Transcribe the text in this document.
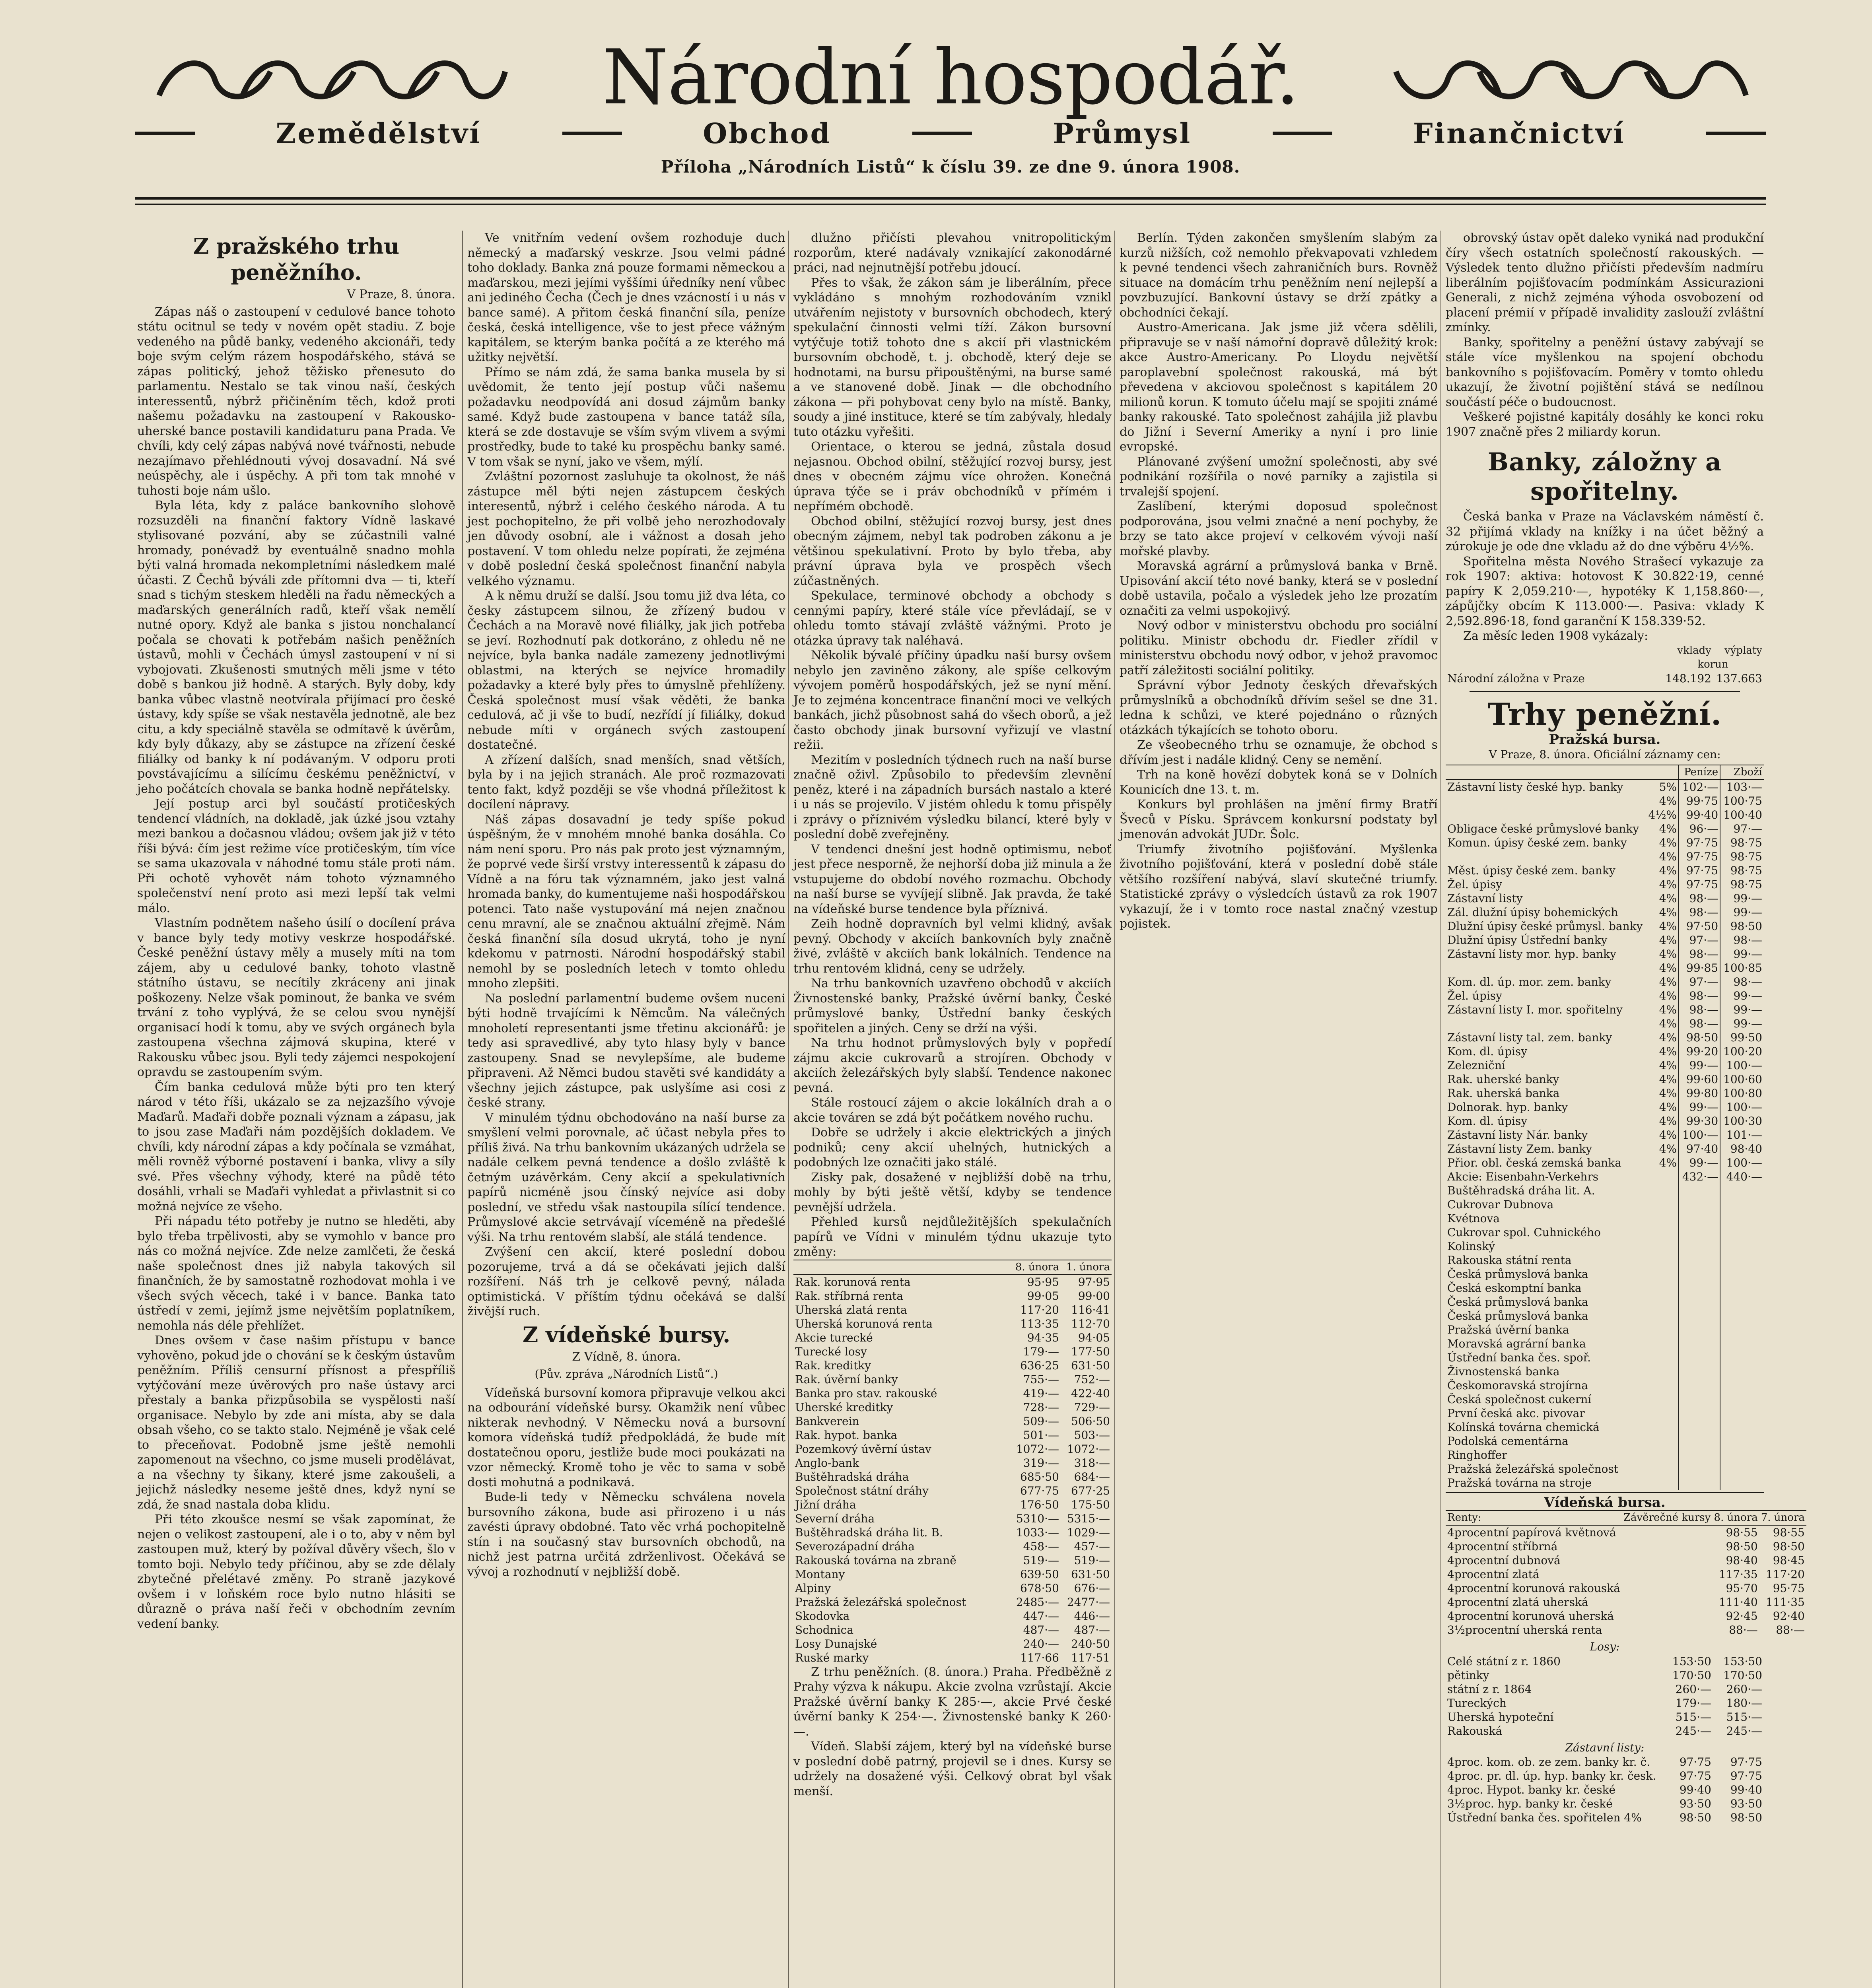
Národní hospodář.
Zemědělství	Obchod	Průmysl	Finančnictví
Příloha „Národních Listů“ k číslu 39. ze dne 9. února 1908.
Z pražského trhu peněžního.
V Praze, 8. února.

Zápas náš o zastoupení v cedulové bance tohoto státu ocitnul se tedy v novém opět stadiu. Z boje vedeného na půdě banky, vedeného akcionáři, tedy boje svým celým rázem hospodářského, stává se zápas politický, jehož těžisko přenesuto do parlamentu. Nestalo se tak vinou naší, českých interessentů, nýbrž přičiněním těch, kdož proti našemu požadavku na zastoupení v Rakousko-uherské bance postavili kandidaturu pana Prada. Ve chvíli, kdy celý zápas nabývá nové tvářnosti, nebude nezajímavo přehlédnouti vývoj dosavadní. Ná své neúspěchy, ale i úspěchy. A při tom tak mnohé v tuhosti boje nám ušlo.

Byla léta, kdy z paláce bankovního slohově rozsuzděli na finanční faktory Vídně laskavé stylisované pozvání, aby se zúčastnili valné hromady, ponévadž by eventuálně snadno mohla býti valná hromada nekompletními následkem malé účasti. Z Čechů býváli zde přítomni dva — ti, kteří snad s tichým steskem hleděli na řadu německých a maďarských generálních radů, kteří však nemělí nutné opory. Když ale banka s jistou nonchalancí počala se chovati k potřebám našich peněžních ústavů, mohli v Čechách úmysl zastoupení v ní si vybojovati. Zkušenosti smutných měli jsme v této době s bankou již hodně. A starých. Byly doby, kdy banka vůbec vlastně neotvírala přijímací pro české ústavy, kdy spíše se však nestavěla jednotně, ale bez citu, a kdy speciálně stavěla se odmítavě k úvěrům, kdy byly důkazy, aby se zástupce na zřízení české filiálky od banky k ní podávaným. V odporu proti povstávajícímu a silícímu českému peněžnictví, v jeho počátcích chovala se banka hodně nepřátelsky.

Její postup arci byl součástí protičeských tendencí vládních, na dokladě, jak úzké jsou vztahy mezi bankou a dočasnou vládou; ovšem jak již v této říši bývá: čím jest režime více protičeským, tím více se sama ukazovala v náhodné tomu stále proti nám. Při ochotě vyhovět nám tohoto významného společenství není proto asi mezi lepší tak velmi málo.

Vlastním podnětem našeho úsilí o docílení práva v bance byly tedy motivy veskrze hospodářské. České peněžní ústavy měly a musely míti na tom zájem, aby u cedulové banky, tohoto vlastně státního ústavu, se necítily zkráceny ani jinak poškozeny. Nelze však pominout, že banka ve svém trvání z toho vyplývá, že se celou svou nynější organisací hodí k tomu, aby ve svých orgánech byla zastoupena všechna zájmová skupina, které v Rakousku vůbec jsou. Byli tedy zájemci nespokojení opravdu se zastoupením svým.

Čím banka cedulová může býti pro ten který národ v této říši, ukázalo se za nejzazšího vývoje Maďarů. Maďaři dobře poznali význam a zápasu, jak to jsou zase Maďaři nám pozdějších dokladem. Ve chvíli, kdy národní zápas a kdy počínala se vzmáhat, měli rovněž výborné postavení i banka, vlivy a síly své. Přes všechny výhody, které na půdě této dosáhli, vrhali se Maďaři vyhledat a přivlastnit si co možná nejvíce ze všeho.

Při nápadu této potřeby je nutno se hleděti, aby bylo třeba trpělivosti, aby se vymohlo v bance pro nás co možná nejvíce. Zde nelze zamlčeti, že česká naše společnost dnes již nabyla takových sil finančních, že by samostatně rozhodovat mohla i ve všech svých věcech, také i v bance. Banka tato ústředí v zemi, jejímž jsme největším poplatníkem, nemohla nás déle přehlížet.

Dnes ovšem v čase našim přístupu v bance vyhověno, pokud jde o chování se k českým ústavům peněžním. Příliš censurní přísnost a přespříliš vytýčování meze úvěrových pro naše ústavy arci přestaly a banka přizpůsobila se vyspělosti naší organisace. Nebylo by zde ani místa, aby se dala obsah všeho, co se takto stalo. Nejméně je však celé to přeceňovat. Podobně jsme ještě nemohli zapomenout na všechno, co jsme museli prodělávat, a na všechny ty šikany, které jsme zakoušeli, a jejichž následky neseme ještě dnes, když nyní se zdá, že snad nastala doba klidu.

Při této zkoušce nesmí se však zapomínat, že nejen o velikost zastoupení, ale i o to, aby v něm byl zastoupen muž, který by požíval důvěry všech, šlo v tomto boji. Nebylo tedy příčinou, aby se zde dělaly zbytečné přelétavé změny. Po straně jazykové ovšem i v loňském roce bylo nutno hlásiti se důrazně o práva naší řeči v obchodním zevním vedení banky.

Ve vnitřním vedení ovšem rozhoduje duch německý a maďarský veskrze. Jsou velmi pádné toho doklady. Banka zná pouze formami německou a maďarskou, mezi jejími vyššími úředníky není vůbec ani jediného Čecha (Čech je dnes vzácností i u nás v bance samé). A přitom česká finanční síla, peníze česká, česká intelligence, vše to jest přece vážným kapitálem, se kterým banka počítá a ze kterého má užitky největší.

Přímo se nám zdá, že sama banka musela by si uvědomit, že tento její postup vůči našemu požadavku neodpovídá ani dosud zájmům banky samé. Když bude zastoupena v bance tatáž síla, která se zde dostavuje se vším svým vlivem a svými prostředky, bude to také ku prospěchu banky samé. V tom však se nyní, jako ve všem, mýlí.

Zvláštní pozornost zasluhuje ta okolnost, že náš zástupce měl býti nejen zástupcem českých interesentů, nýbrž i celého českého národa. A tu jest pochopitelno, že při volbě jeho nerozhodovaly jen důvody osobní, ale i vážnost a dosah jeho postavení. V tom ohledu nelze popírati, že zejména v době poslední česká společnost finanční nabyla velkého významu.

A k němu druží se další. Jsou tomu již dva léta, co česky zástupcem silnou, že zřízený budou v Čechách a na Moravě nové filiálky, jak jich potřeba se jeví. Rozhodnutí pak dotkoráno, z ohledu ně ne nejvíce, byla banka nadále zamezeny jednotlivými oblastmi, na kterých se nejvíce hromadily požadavky a které byly přes to úmyslně přehlíženy. Česká společnost musí však věděti, že banka cedulová, ač ji vše to budí, nezřídí jí filiálky, dokud nebude míti v orgánech svých zastoupení dostatečné.

A zřízení dalších, snad menších, snad větších, byla by i na jejich stranách. Ale proč rozmazovati tento fakt, když později se vše vhodná příležitost k docílení nápravy.

Náš zápas dosavadní je tedy spíše pokud úspěšným, že v mnohém mnohé banka dosáhla. Co nám není sporu. Pro nás pak proto jest významným, že poprvé vede širší vrstvy interessentů k zápasu do Vídně a na fóru tak významném, jako jest valná hromada banky, do kumentujeme naši hospodářskou potenci. Tato naše vystupování má nejen značnou cenu mravní, ale se značnou aktuální zřejmě. Nám česká finanční síla dosud ukrytá, toho je nyní kdekomu v patrnosti. Národní hospodářský stabil nemohl by se posledních letech v tomto ohledu mnoho zlepšiti.

Na poslední parlamentní budeme ovšem nuceni býti hodně trvajícími k Němcům. Na válečných mnoholetí representanti jsme třetinu akcionářů: je tedy asi spravedlivé, aby tyto hlasy byly v bance zastoupeny. Snad se nevylepšíme, ale budeme připraveni. Až Němci budou stavěti své kandidáty a všechny jejich zástupce, pak uslyšíme asi cosi z české strany.

V minulém týdnu obchodováno na naší burse za smyšlení velmi porovnale, ač účast nebyla přes to příliš živá. Na trhu bankovním ukázaných udržela se nadále celkem pevná tendence a došlo zvláště k četným uzávěrkám. Ceny akcií a spekulativních papírů nicméně jsou čínský nejvíce asi doby poslední, ve středu však nastoupila sílící tendence. Průmyslové akcie setrvávají víceméně na předešlé výši. Na trhu rentovém slabší, ale stálá tendence.

Zvýšení cen akcií, které poslední dobou pozorujeme, trvá a dá se očekávati jejich další rozšíření. Náš trh je celkově pevný, nálada optimistická. V příštím týdnu očekává se další živější ruch.

Z vídeňské bursy.
Z Vídně, 8. února.
(Pův. zpráva „Národních Listů“.)

Vídeňská bursovní komora připravuje velkou akci na odbourání vídeňské bursy. Okamžik není vůbec nikterak nevhodný. V Německu nová a bursovní komora vídeňská tudíž předpokládá, že bude mít dostatečnou oporu, jestliže bude moci poukázati na vzor německý. Kromě toho je věc to sama v sobě dosti mohutná a podnikavá.

Bude-li tedy v Německu schválena novela bursovního zákona, bude asi přirozeno i u nás zavésti úpravy obdobné. Tato věc vrhá pochopitelně stín i na současný stav bursovních obchodů, na nichž jest patrna určitá zdrženlivost. Očekává se vývoj a rozhodnutí v nejbližší době.

dlužno přičísti plevahou vnitropolitickým rozporům, které nadávaly vznikající zakonodárné práci, nad nejnutnější potřebu jdoucí.

Přes to však, že zákon sám je liberálním, přece vykládáno s mnohým rozhodováním vznikl utvářením nejistoty v bursovních obchodech, který spekulační činnosti velmi tíží. Zákon bursovní vytýčuje totiž tohoto dne s akcií při vlastnickém bursovním obchodě, t. j. obchodě, který deje se hodnotami, na bursu připouštěnými, na burse samé a ve stanovené době. Jinak — dle obchodního zákona — při pohybovat ceny bylo na místě. Banky, soudy a jiné instituce, které se tím zabývaly, hledaly tuto otázku vyřešiti.

Orientace, o kterou se jedná, zůstala dosud nejasnou. Obchod obilní, stěžující rozvoj bursy, jest dnes v obecném zájmu více ohrožen. Konečná úprava týče se i práv obchodníků v přímém i nepřímém obchodě.

Obchod obilní, stěžující rozvoj bursy, jest dnes obecným zájmem, nebyl tak podroben zákonu a je většinou spekulativní. Proto by bylo třeba, aby právní úprava byla ve prospěch všech zúčastněných.

Spekulace, terminové obchody a obchody s cennými papíry, které stále více převládají, se v ohledu tomto stávají zvláště vážnými. Proto je otázka úpravy tak naléhavá.

Několik bývalé příčiny úpadku naší bursy ovšem nebylo jen zaviněno zákony, ale spíše celkovým vývojem poměrů hospodářských, jež se nyní mění. Je to zejména koncentrace finanční moci ve velkých bankách, jichž působnost sahá do všech oborů, a jež často obchody jinak bursovní vyřizují ve vlastní režii.

Mezitím v posledních týdnech ruch na naší burse značně oživl. Způsobilo to především zlevnění peněz, které i na západních bursách nastalo a které i u nás se projevilo. V jistém ohledu k tomu přispěly i zprávy o příznivém výsledku bilancí, které byly v poslední době zveřejněny.

V tendenci dnešní jest hodně optimismu, neboť jest přece nesporně, že nejhorší doba již minula a že vstupujeme do období nového rozmachu. Obchody na naší burse se vyvíjejí slibně. Jak pravda, že také na vídeňské burse tendence byla příznivá.

Zeih hodně dopravních byl velmi klidný, avšak pevný. Obchody v akciích bankovních byly značně živé, zvláště v akciích bank lokálních. Tendence na trhu rentovém klidná, ceny se udržely.

Na trhu bankovních uzavřeno obchodů v akciích Živnostenské banky, Pražské úvěrní banky, České průmyslové banky, Ústřední banky českých spořitelen a jiných. Ceny se drží na výši.

Na trhu hodnot průmyslových byly v popředí zájmu akcie cukrovarů a strojíren. Obchody v akciích železářských byly slabší. Tendence nakonec pevná.

Stále rostoucí zájem o akcie lokálních drah a o akcie továren se zdá být počátkem nového ruchu.

Dobře se udržely i akcie elektrických a jiných podniků; ceny akcií uhelných, hutnických a podobných lze označiti jako stálé.

Zisky pak, dosažené v nejbližší době na trhu, mohly by býti ještě větší, kdyby se tendence pevnější udržela.

Přehled kursů nejdůležitějších spekulačních papírů ve Vídni v minulém týdnu ukazuje tyto změny:

	8. února	1. února
Rak. korunová renta	95·95	97·95
Rak. stříbrná renta	99·05	99·00
Uherská zlatá renta	117·20	116·41
Uherská korunová renta	113·35	112·70
Akcie turecké	94·35	94·05
Turecké losy	179·—	177·50
Rak. kreditky	636·25	631·50
Rak. úvěrní banky	755·—	752·—
Banka pro stav. rakouské	419·—	422·40
Uherské kreditky	728·—	729·—
Bankverein	509·—	506·50
Rak. hypot. banka	501·—	503·—
Pozemkový úvěrní ústav	1072·—	1072·—
Anglo-bank	319·—	318·—
Buštěhradská dráha	685·50	684·—
Společnost státní dráhy	677·75	677·25
Jižní dráha	176·50	175·50
Severní dráha	5310·—	5315·—
Buštěhradská dráha lit. B.	1033·—	1029·—
Severozápadní dráha	458·—	457·—
Rakouská továrna na zbraně	519·—	519·—
Montany	639·50	631·50
Alpiny	678·50	676·—
Pražská železářská společnost	2485·—	2477·—
Skodovka	447·—	446·—
Schodnica	487·—	487·—
Losy Dunajské	240·—	240·50
Ruské marky	117·66	117·51

Z trhu peněžních. (8. února.) Praha. Předběžně z Prahy výzva k nákupu. Akcie zvolna vzrůstají. Akcie Pražské úvěrní banky K 285·—, akcie Prvé české úvěrní banky K 254·—. Živnostenské banky K 260·—.

Vídeň. Slabší zájem, který byl na vídeňské burse v poslední době patrný, projevil se i dnes. Kursy se udržely na dosažené výši. Celkový obrat byl však menší.

Berlín. Týden zakončen smyšlením slabým za kurzů nižších, což nemohlo překvapovati vzhledem k pevné tendenci všech zahraničních burs. Rovněž situace na domácím trhu peněžním není nejlepší a povzbuzující. Bankovní ústavy se drží zpátky a obchodníci čekají.

Austro-Americana. Jak jsme již včera sdělili, připravuje se v naší námořní dopravě důležitý krok: akce Austro-Americany. Po Lloydu největší paroplavební společnost rakouská, má být převedena v akciovou společnost s kapitálem 20 milionů korun. K tomuto účelu mají se spojiti známé banky rakouské. Tato společnost zahájila již plavbu do Jižní i Severní Ameriky a nyní i pro linie evropské.

Plánované zvýšení umožní společnosti, aby své podnikání rozšířila o nové parníky a zajistila si trvalejší spojení.

Zaslíbení, kterými doposud společnost podporována, jsou velmi značné a není pochyby, že brzy se tato akce projeví v celkovém vývoji naší mořské plavby.

Moravská agrární a průmyslová banka v Brně. Upisování akcií této nové banky, která se v poslední době ustavila, počalo a výsledek jeho lze prozatím označiti za velmi uspokojivý.

Nový odbor v ministerstvu obchodu pro sociální politiku. Ministr obchodu dr. Fiedler zřídil v ministerstvu obchodu nový odbor, v jehož pravomoc patří záležitosti sociální politiky.

Správní výbor Jednoty českých dřevařských průmyslníků a obchodníků dřívím sešel se dne 31. ledna k schůzi, ve které pojednáno o různých otázkách týkajících se tohoto oboru.

Ze všeobecného trhu se oznamuje, že obchod s dřívím jest i nadále klidný. Ceny se nemění.

Trh na koně hovězí dobytek koná se v Dolních Kounicích dne 13. t. m.

Konkurs byl prohlášen na jmění firmy Bratří Šveců v Písku. Správcem konkursní podstaty byl jmenován advokát JUDr. Šolc.

Triumfy životního pojišťování. Myšlenka životního pojišťování, která v poslední době stále většího rozšíření nabývá, slaví skutečné triumfy. Statistické zprávy o výsledcích ústavů za rok 1907 vykazují, že i v tomto roce nastal značný vzestup pojistek.

obrovský ústav opět daleko vyniká nad produkční číry všech ostatních společností rakouských. — Výsledek tento dlužno přičísti především nadmíru liberálním pojišťovacím podmínkám Assicurazioni Generali, z nichž zejména výhoda osvobození od placení prémií v případě invalidity zaslouží zvláštní zmínky.

Banky, spořitelny a peněžní ústavy zabývají se stále více myšlenkou na spojení obchodu bankovního s pojišťovacím. Poměry v tomto ohledu ukazují, že životní pojištění stává se nedílnou součástí péče o budoucnost.

Veškeré pojistné kapitály dosáhly ke konci roku 1907 značně přes 2 miliardy korun.

Banky, záložny a spořitelny.

Česká banka v Praze na Václavském náměstí č. 32 přijímá vklady na knížky i na účet běžný a zúrokuje je ode dne vkladu až do dne výběru 4½%.

Spořitelna města Nového Strašecí vykazuje za rok 1907: aktiva: hotovost K 30.822·19, cenné papíry K 2,059.210·—, hypotéky K 1,158.860·—, zápůjčky obcím K 113.000·—. Pasiva: vklady K 2,592.896·18, fond garanční K 158.339·52.

Za měsíc leden 1908 vykázaly:

	vklady	výplaty
	korun	
Národní záložna v Praze	148.192	137.663
Trhy peněžní.
Pražská bursa.
V Praze, 8. února. Oficiální záznamy cen:
		Peníze	Zboží
Zástavní listy české hyp. banky	5%	102·—	103·—
	4%	99·75	100·75
	4½%	99·40	100·40
Obligace české průmyslové banky	4%	96·—	97·—
Komun. úpisy české zem. banky	4%	97·75	98·75
	4%	97·75	98·75
Měst. úpisy české zem. banky	4%	97·75	98·75
Žel. úpisy	4%	97·75	98·75
Zástavní listy	4%	98·—	99·—
Zál. dlužní úpisy bohemických	4%	98·—	99·—
Dlužní úpisy české průmysl. banky	4%	97·50	98·50
Dlužní úpisy Ústřední banky	4%	97·—	98·—
Zástavní listy mor. hyp. banky	4%	98·—	99·—
	4%	99·85	100·85
Kom. dl. úp. mor. zem. banky	4%	97·—	98·—
Žel. úpisy	4%	98·—	99·—
Zástavní listy I. mor. spořitelny	4%	98·—	99·—
	4%	98·—	99·—
Zástavní listy tal. zem. banky	4%	98·50	99·50
Kom. dl. úpisy	4%	99·20	100·20
Zelezniční	4%	99·—	100·—
Rak. uherské banky	4%	99·60	100·60
Rak. uherská banka	4%	99·80	100·80
Dolnorak. hyp. banky	4%	99·—	100·—
Kom. dl. úpisy	4%	99·30	100·30
Zástavní listy Nár. banky	4%	100·—	101·—
Zástavní listy Zem. banky	4%	97·40	98·40
Přior. obl. česká zemská banka	4%	99·—	100·—
Akcie: Eisenbahn-Verkehrs		432·—	440·—
Buštěhradská dráha lit. A.			
Cukrovar Dubnova			
Kvétnova			
Cukrovar spol. Cuhnického			
Kolinský			
Rakouska státní renta			
Česká průmyslová banka			
Česká eskomptní banka			
Česká průmyslová banka			
Česká průmyslová banka			
Pražská úvěrní banka			
Moravská agrární banka			
Ústřední banka čes. spoř.			
Živnostenská banka			
Českomoravská strojírna			
Česká společnost cukerní			
První česká akc. pivovar			
Kolínská továrna chemická			
Podolská cementárna			
Ringhoffer			
Pražská železářská společnost			
Pražská továrna na stroje			
Vídeňská bursa.
Renty:	Závěrečné kursy 8. února	7. února
4procentní papírová květnová	98·55	98·55
4procentní stříbrná	98·50	98·50
4procentní dubnová	98·40	98·45
4procentní zlatá	117·35	117·20
4procentní korunová rakouská	95·70	95·75
4procentní zlatá uherská	111·40	111·35
4procentní korunová uherská	92·45	92·40
3½procentní uherská renta	88·—	88·—
Losy:
Celé státní z r. 1860	153·50	153·50
pětinky	170·50	170·50
státní z r. 1864	260·—	260·—
Tureckých	179·—	180·—
Uherská hypoteční	515·—	515·—
Rakouská	245·—	245·—
Zástavní listy:
4proc. kom. ob. ze zem. banky kr. č.	97·75	97·75
4proc. pr. dl. úp. hyp. banky kr. česk.	97·75	97·75
4proc. Hypot. banky kr. české	99·40	99·40
3½proc. hyp. banky kr. české	93·50	93·50
Ústřední banka čes. spořitelen 4%	98·50	98·50
